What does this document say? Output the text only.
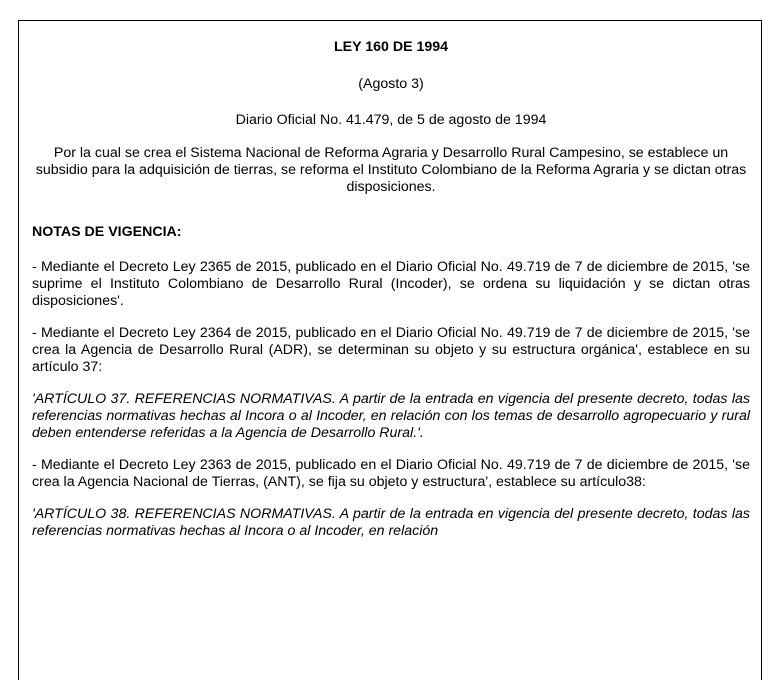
LEY 160 DE 1994

(Agosto 3)

Diario Oficial No. 41.479, de 5 de agosto de 1994

Por la cual se crea el Sistema Nacional de Reforma Agraria y Desarrollo Rural Campesino, se establece un subsidio para la adquisición de tierras, se reforma el Instituto Colombiano de la Reforma Agraria y se dictan otras disposiciones.

NOTAS DE VIGENCIA:

- Mediante el Decreto Ley 2365 de 2015, publicado en el Diario Oficial No. 49.719 de 7 de diciembre de 2015, 'se suprime el Instituto Colombiano de Desarrollo Rural (Incoder), se ordena su liquidación y se dictan otras disposiciones'.

- Mediante el Decreto Ley 2364 de 2015, publicado en el Diario Oficial No. 49.719 de 7 de diciembre de 2015, 'se crea la Agencia de Desarrollo Rural (ADR), se determinan su objeto y su estructura orgánica', establece en su artículo 37:

'ARTÍCULO 37. REFERENCIAS NORMATIVAS. A partir de la entrada en vigencia del presente decreto, todas las referencias normativas hechas al Incora o al Incoder, en relación con los temas de desarrollo agropecuario y rural deben entenderse referidas a la Agencia de Desarrollo Rural.'.

- Mediante el Decreto Ley 2363 de 2015, publicado en el Diario Oficial No. 49.719 de 7 de diciembre de 2015, 'se crea la Agencia Nacional de Tierras, (ANT), se fija su objeto y estructura', establece su artículo38:

'ARTÍCULO 38. REFERENCIAS NORMATIVAS. A partir de la entrada en vigencia del presente decreto, todas las referencias normativas hechas al Incora o al Incoder, en relación
